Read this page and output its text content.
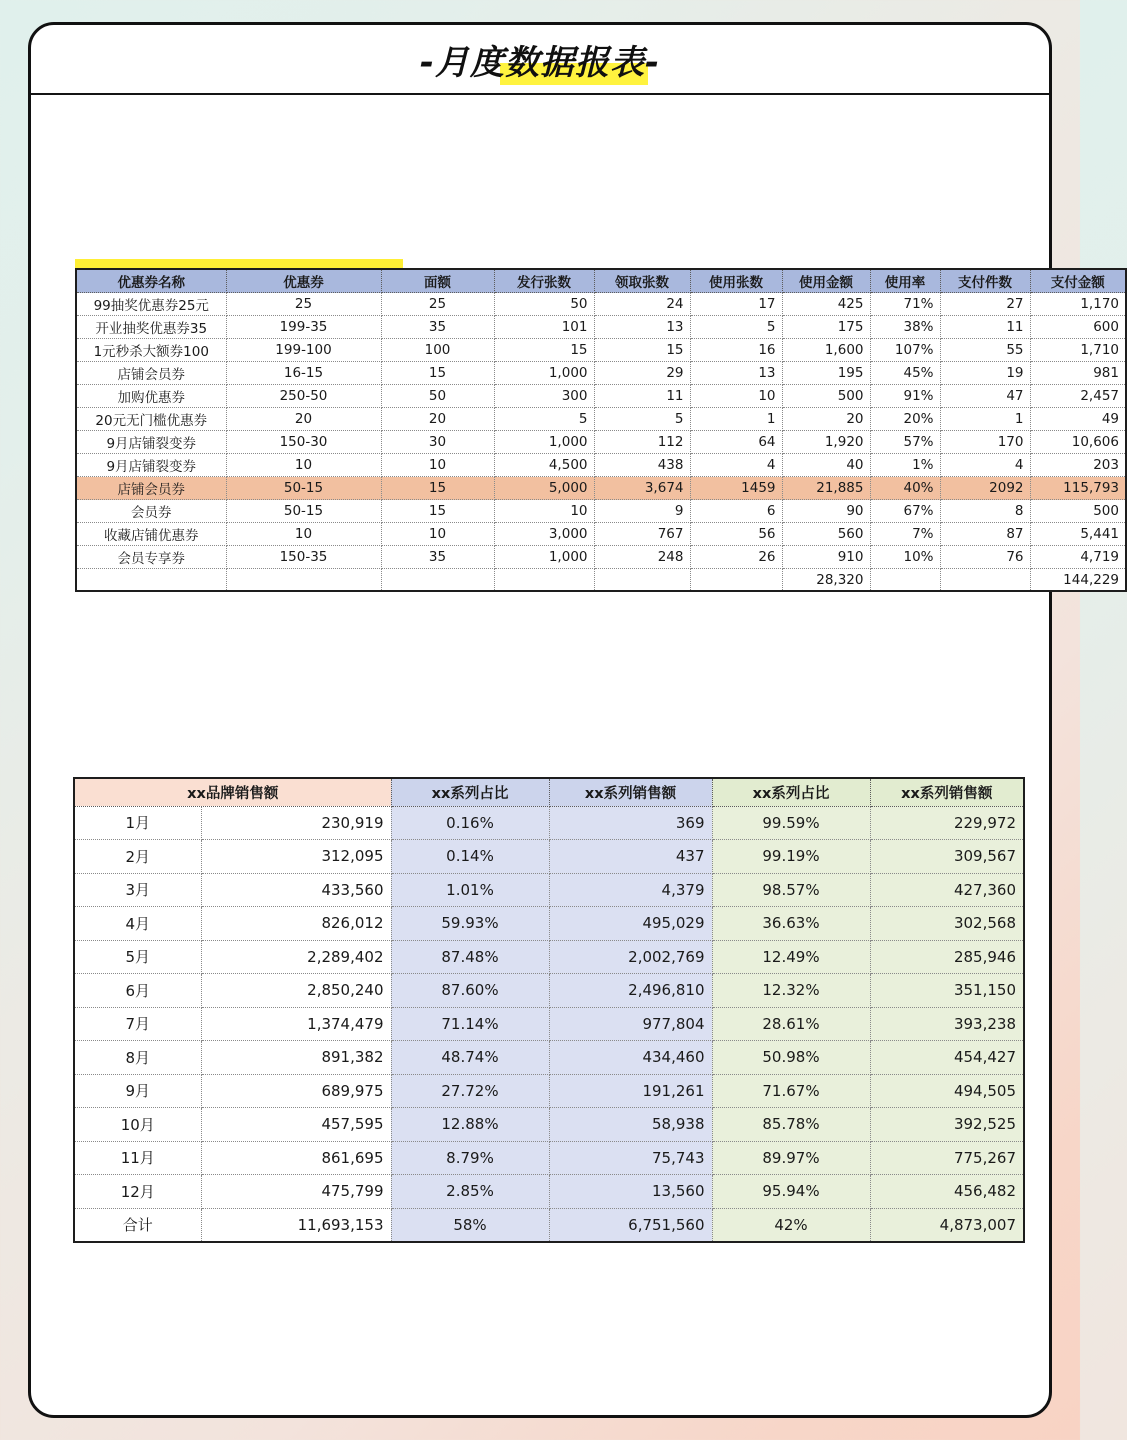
-月度数据报表-
优惠券名称	优惠券	面额	发行张数	领取张数	使用张数	使用金额	使用率	支付件数	支付金额
99抽奖优惠券25元	25	25	50	24	17	425	71%	27	1,170
开业抽奖优惠券35	199-35	35	101	13	5	175	38%	11	600
1元秒杀大额券100	199-100	100	15	15	16	1,600	107%	55	1,710
店铺会员券	16-15	15	1,000	29	13	195	45%	19	981
加购优惠券	250-50	50	300	11	10	500	91%	47	2,457
20元无门槛优惠券	20	20	5	5	1	20	20%	1	49
9月店铺裂变券	150-30	30	1,000	112	64	1,920	57%	170	10,606
9月店铺裂变券	10	10	4,500	438	4	40	1%	4	203
店铺会员券	50-15	15	5,000	3,674	1459	21,885	40%	2092	115,793
会员券	50-15	15	10	9	6	90	67%	8	500
收藏店铺优惠券	10	10	3,000	767	56	560	7%	87	5,441
会员专享券	150-35	35	1,000	248	26	910	10%	76	4,719
						28,320			144,229
xx品牌销售额		xx系列占比	xx系列销售额	xx系列占比	xx系列销售额
1月	230,919	0.16%	369	99.59%	229,972
2月	312,095	0.14%	437	99.19%	309,567
3月	433,560	1.01%	4,379	98.57%	427,360
4月	826,012	59.93%	495,029	36.63%	302,568
5月	2,289,402	87.48%	2,002,769	12.49%	285,946
6月	2,850,240	87.60%	2,496,810	12.32%	351,150
7月	1,374,479	71.14%	977,804	28.61%	393,238
8月	891,382	48.74%	434,460	50.98%	454,427
9月	689,975	27.72%	191,261	71.67%	494,505
10月	457,595	12.88%	58,938	85.78%	392,525
11月	861,695	8.79%	75,743	89.97%	775,267
12月	475,799	2.85%	13,560	95.94%	456,482
合计	11,693,153	58%	6,751,560	42%	4,873,007
